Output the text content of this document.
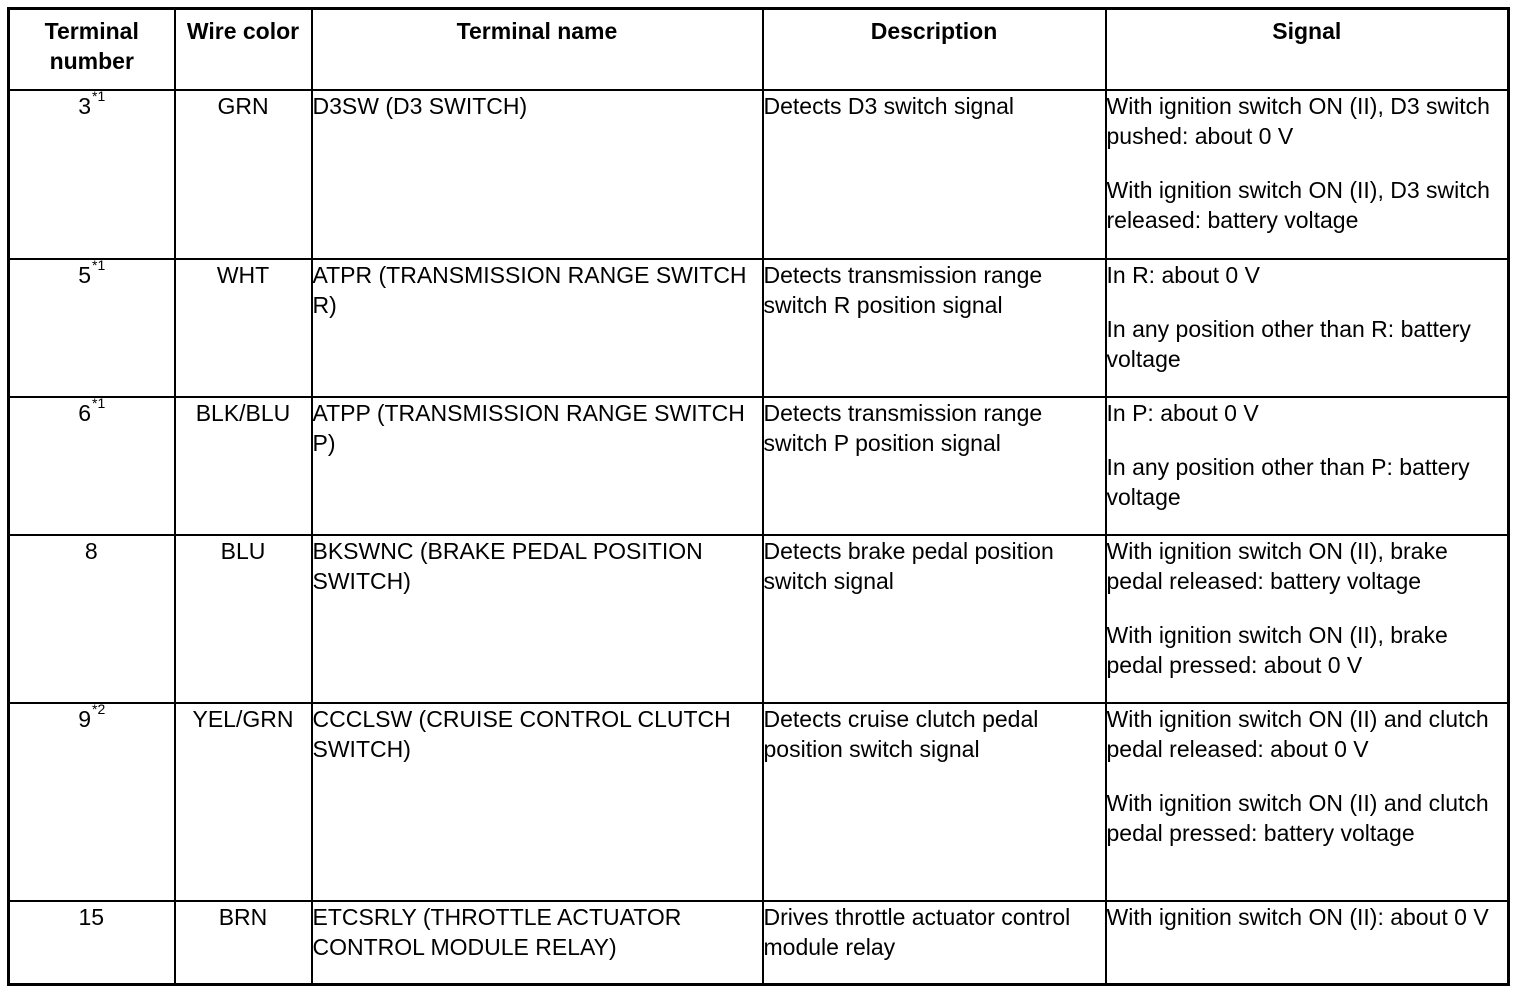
Terminal number	Wire color	Terminal name	Description	Signal
3$^{*1}$	GRN	D3SW (D3 SWITCH)	Detects D3 switch signal	With ignition switch ON (II), D3 switch pushed: about 0 V

With ignition switch ON (II), D3 switch released: battery voltage

5$^{*1}$	WHT	ATPR (TRANSMISSION RANGE SWITCH R)	Detects transmission range switch R position signal	In R: about 0 V

In any position other than R: battery voltage

6$^{*1}$	BLK/BLU	ATPP (TRANSMISSION RANGE SWITCH P)	Detects transmission range switch P position signal	In P: about 0 V

In any position other than P: battery voltage

8	BLU	BKSWNC (BRAKE PEDAL POSITION SWITCH)	Detects brake pedal position switch signal	With ignition switch ON (II), brake pedal released: battery voltage

With ignition switch ON (II), brake pedal pressed: about 0 V

9$^{*2}$	YEL/GRN	CCCLSW (CRUISE CONTROL CLUTCH SWITCH)	Detects cruise clutch pedal position switch signal	With ignition switch ON (II) and clutch pedal released: about 0 V

With ignition switch ON (II) and clutch pedal pressed: battery voltage

15	BRN	ETCSRLY (THROTTLE ACTUATOR CONTROL MODULE RELAY)	Drives throttle actuator control module relay	With ignition switch ON (II): about 0 V
